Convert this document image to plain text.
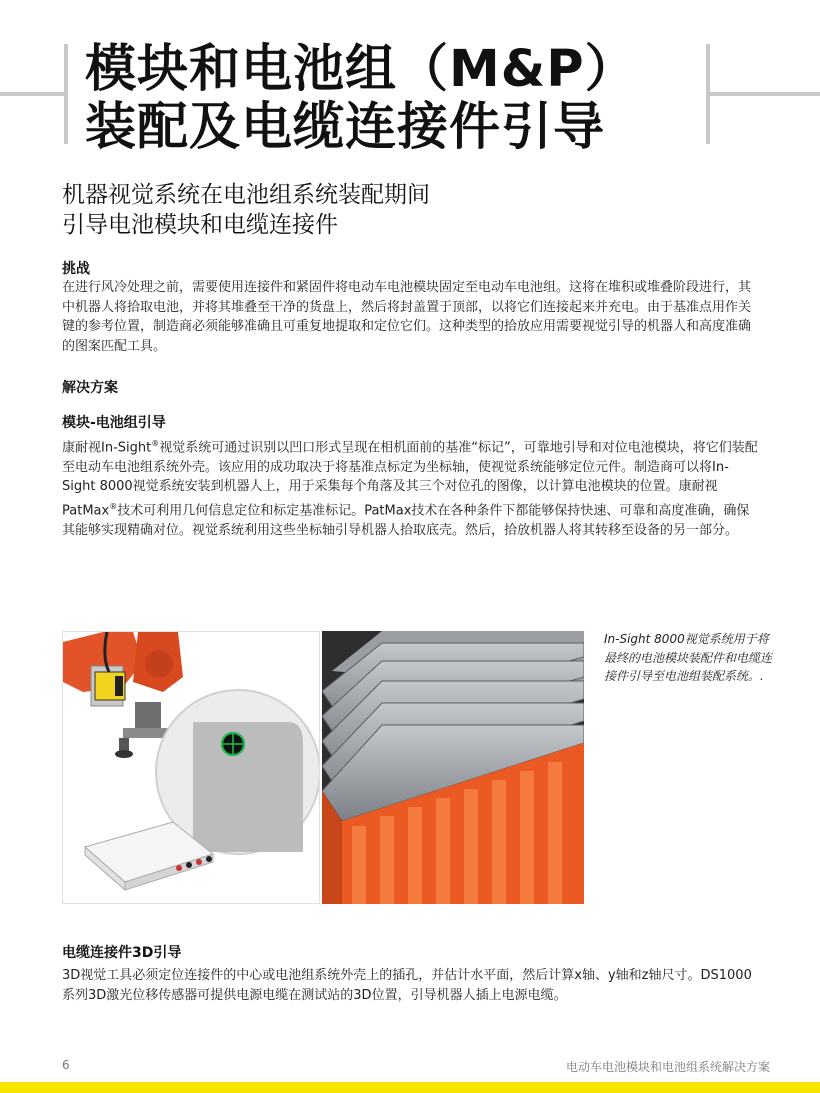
模块和电池组（M&P）
装配及电缆连接件引导
机器视觉系统在电池组系统装配期间
引导电池模块和电缆连接件
挑战
在进行风冷处理之前，需要使用连接件和紧固件将电动车电池模块固定至电动车电池组。这将在堆积或堆叠阶段进行，其中机器人将拾取电池，并将其堆叠至干净的货盘上，然后将封盖置于顶部，以将它们连接起来并充电。由于基准点用作关键的参考位置，制造商必须能够准确且可重复地提取和定位它们。这种类型的拾放应用需要视觉引导的机器人和高度准确的图案匹配工具。
解决方案
模块-电池组引导
康耐视In-Sight®视觉系统可通过识别以凹口形式呈现在相机面前的基准“标记”，可靠地引导和对位电池模块，将它们装配至电动车电池组系统外壳。该应用的成功取决于将基准点标定为坐标轴，使视觉系统能够定位元件。制造商可以将In-Sight 8000视觉系统安装到机器人上，用于采集每个角落及其三个对位孔的图像，以计算电池模块的位置。康耐视PatMax®技术可利用几何信息定位和标定基准标记。PatMax技术在各种条件下都能够保持快速、可靠和高度准确，确保其能够实现精确对位。视觉系统利用这些坐标轴引导机器人拾取底壳。然后，拾放机器人将其转移至设备的另一部分。
In-Sight 8000视觉系统用于将最终的电池模块装配件和电缆连接件引导至电池组装配系统。.
电缆连接件3D引导
3D视觉工具必须定位连接件的中心或电池组系统外壳上的插孔，并估计水平面，然后计算x轴、y轴和z轴尺寸。DS1000系列3D激光位移传感器可提供电源电缆在测试站的3D位置，引导机器人插上电源电缆。
6	电动车电池模块和电池组系统解决方案
